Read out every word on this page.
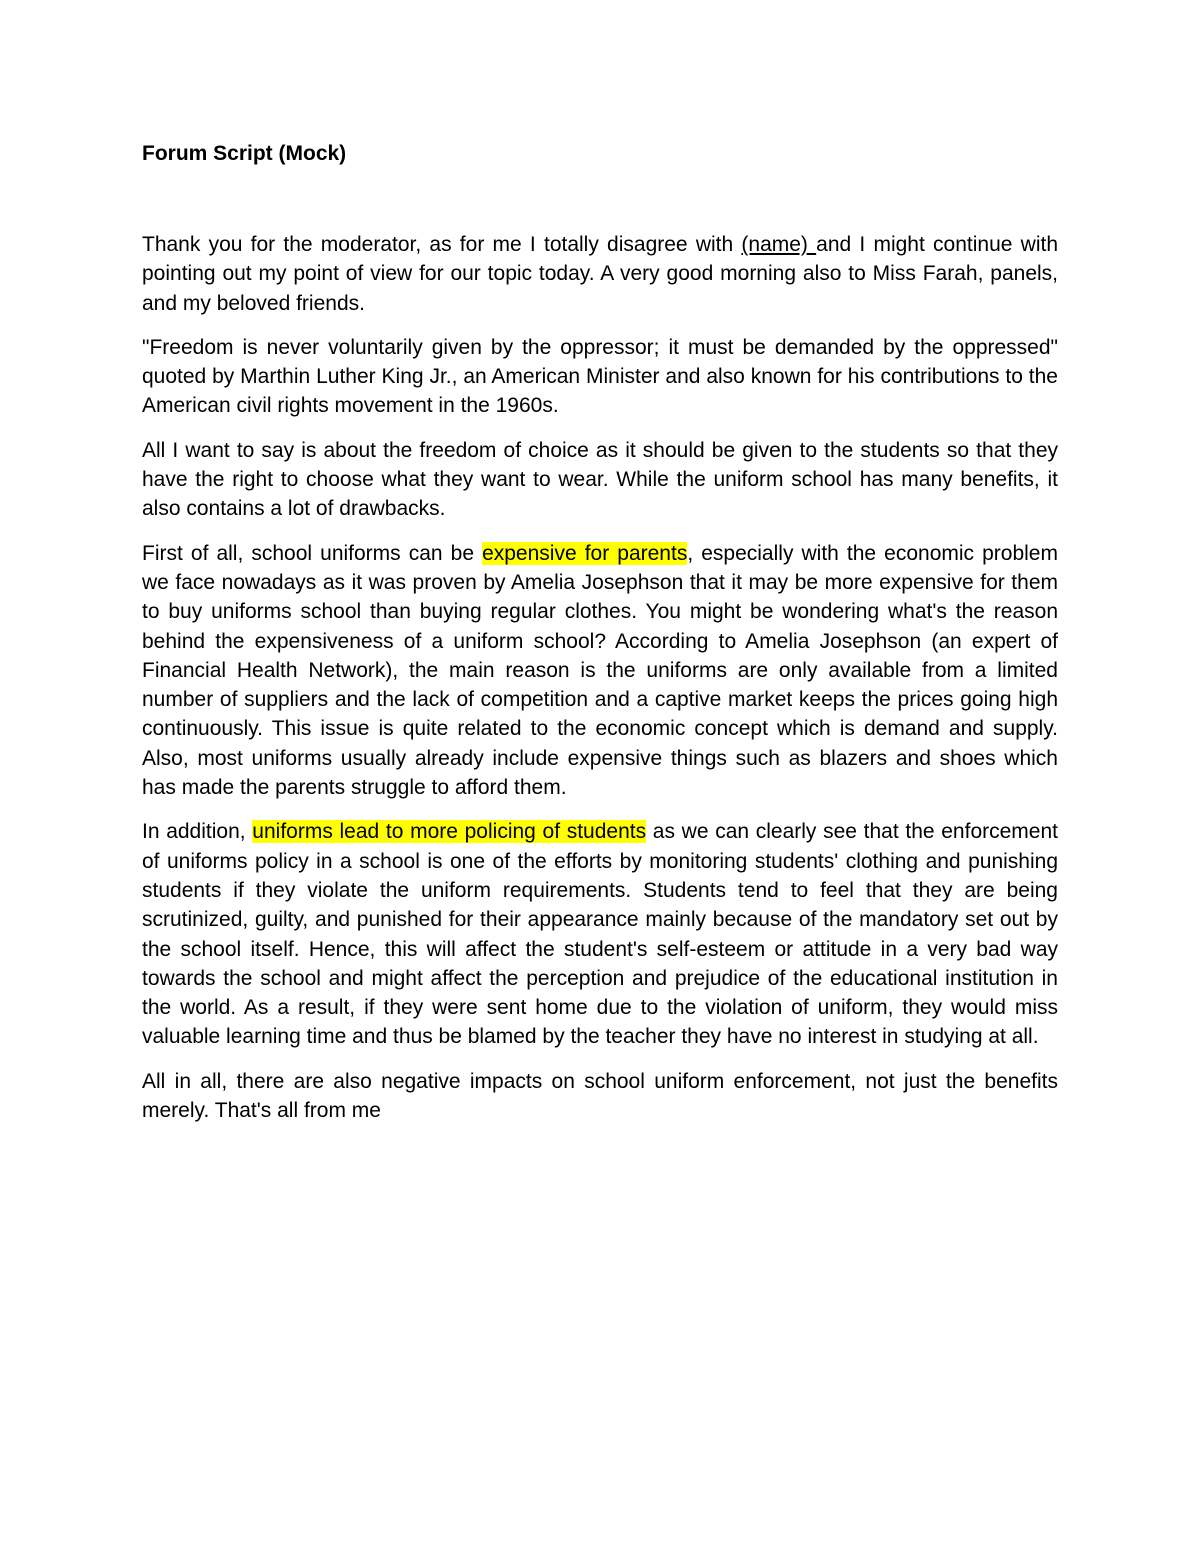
Forum Script (Mock)

Thank you for the moderator, as for me I totally disagree with (name) and I might continue with pointing out my point of view for our topic today. A very good morning also to Miss Farah, panels, and my beloved friends.

"Freedom is never voluntarily given by the oppressor; it must be demanded by the oppressed" quoted by Marthin Luther King Jr., an American Minister and also known for his contributions to the American civil rights movement in the 1960s.

All I want to say is about the freedom of choice as it should be given to the students so that they have the right to choose what they want to wear. While the uniform school has many benefits, it also contains a lot of drawbacks.

First of all, school uniforms can be expensive for parents, especially with the economic problem we face nowadays as it was proven by Amelia Josephson that it may be more expensive for them to buy uniforms school than buying regular clothes. You might be wondering what's the reason behind the expensiveness of a uniform school? According to Amelia Josephson (an expert of Financial Health Network), the main reason is the uniforms are only available from a limited number of suppliers and the lack of competition and a captive market keeps the prices going high continuously. This issue is quite related to the economic concept which is demand and supply. Also, most uniforms usually already include expensive things such as blazers and shoes which has made the parents struggle to afford them.

In addition, uniforms lead to more policing of students as we can clearly see that the enforcement of uniforms policy in a school is one of the efforts by monitoring students' clothing and punishing students if they violate the uniform requirements. Students tend to feel that they are being scrutinized, guilty, and punished for their appearance mainly because of the mandatory set out by the school itself. Hence, this will affect the student's self-esteem or attitude in a very bad way towards the school and might affect the perception and prejudice of the educational institution in the world. As a result, if they were sent home due to the violation of uniform, they would miss valuable learning time and thus be blamed by the teacher they have no interest in studying at all.

All in all, there are also negative impacts on school uniform enforcement, not just the benefits merely. That's all from me
